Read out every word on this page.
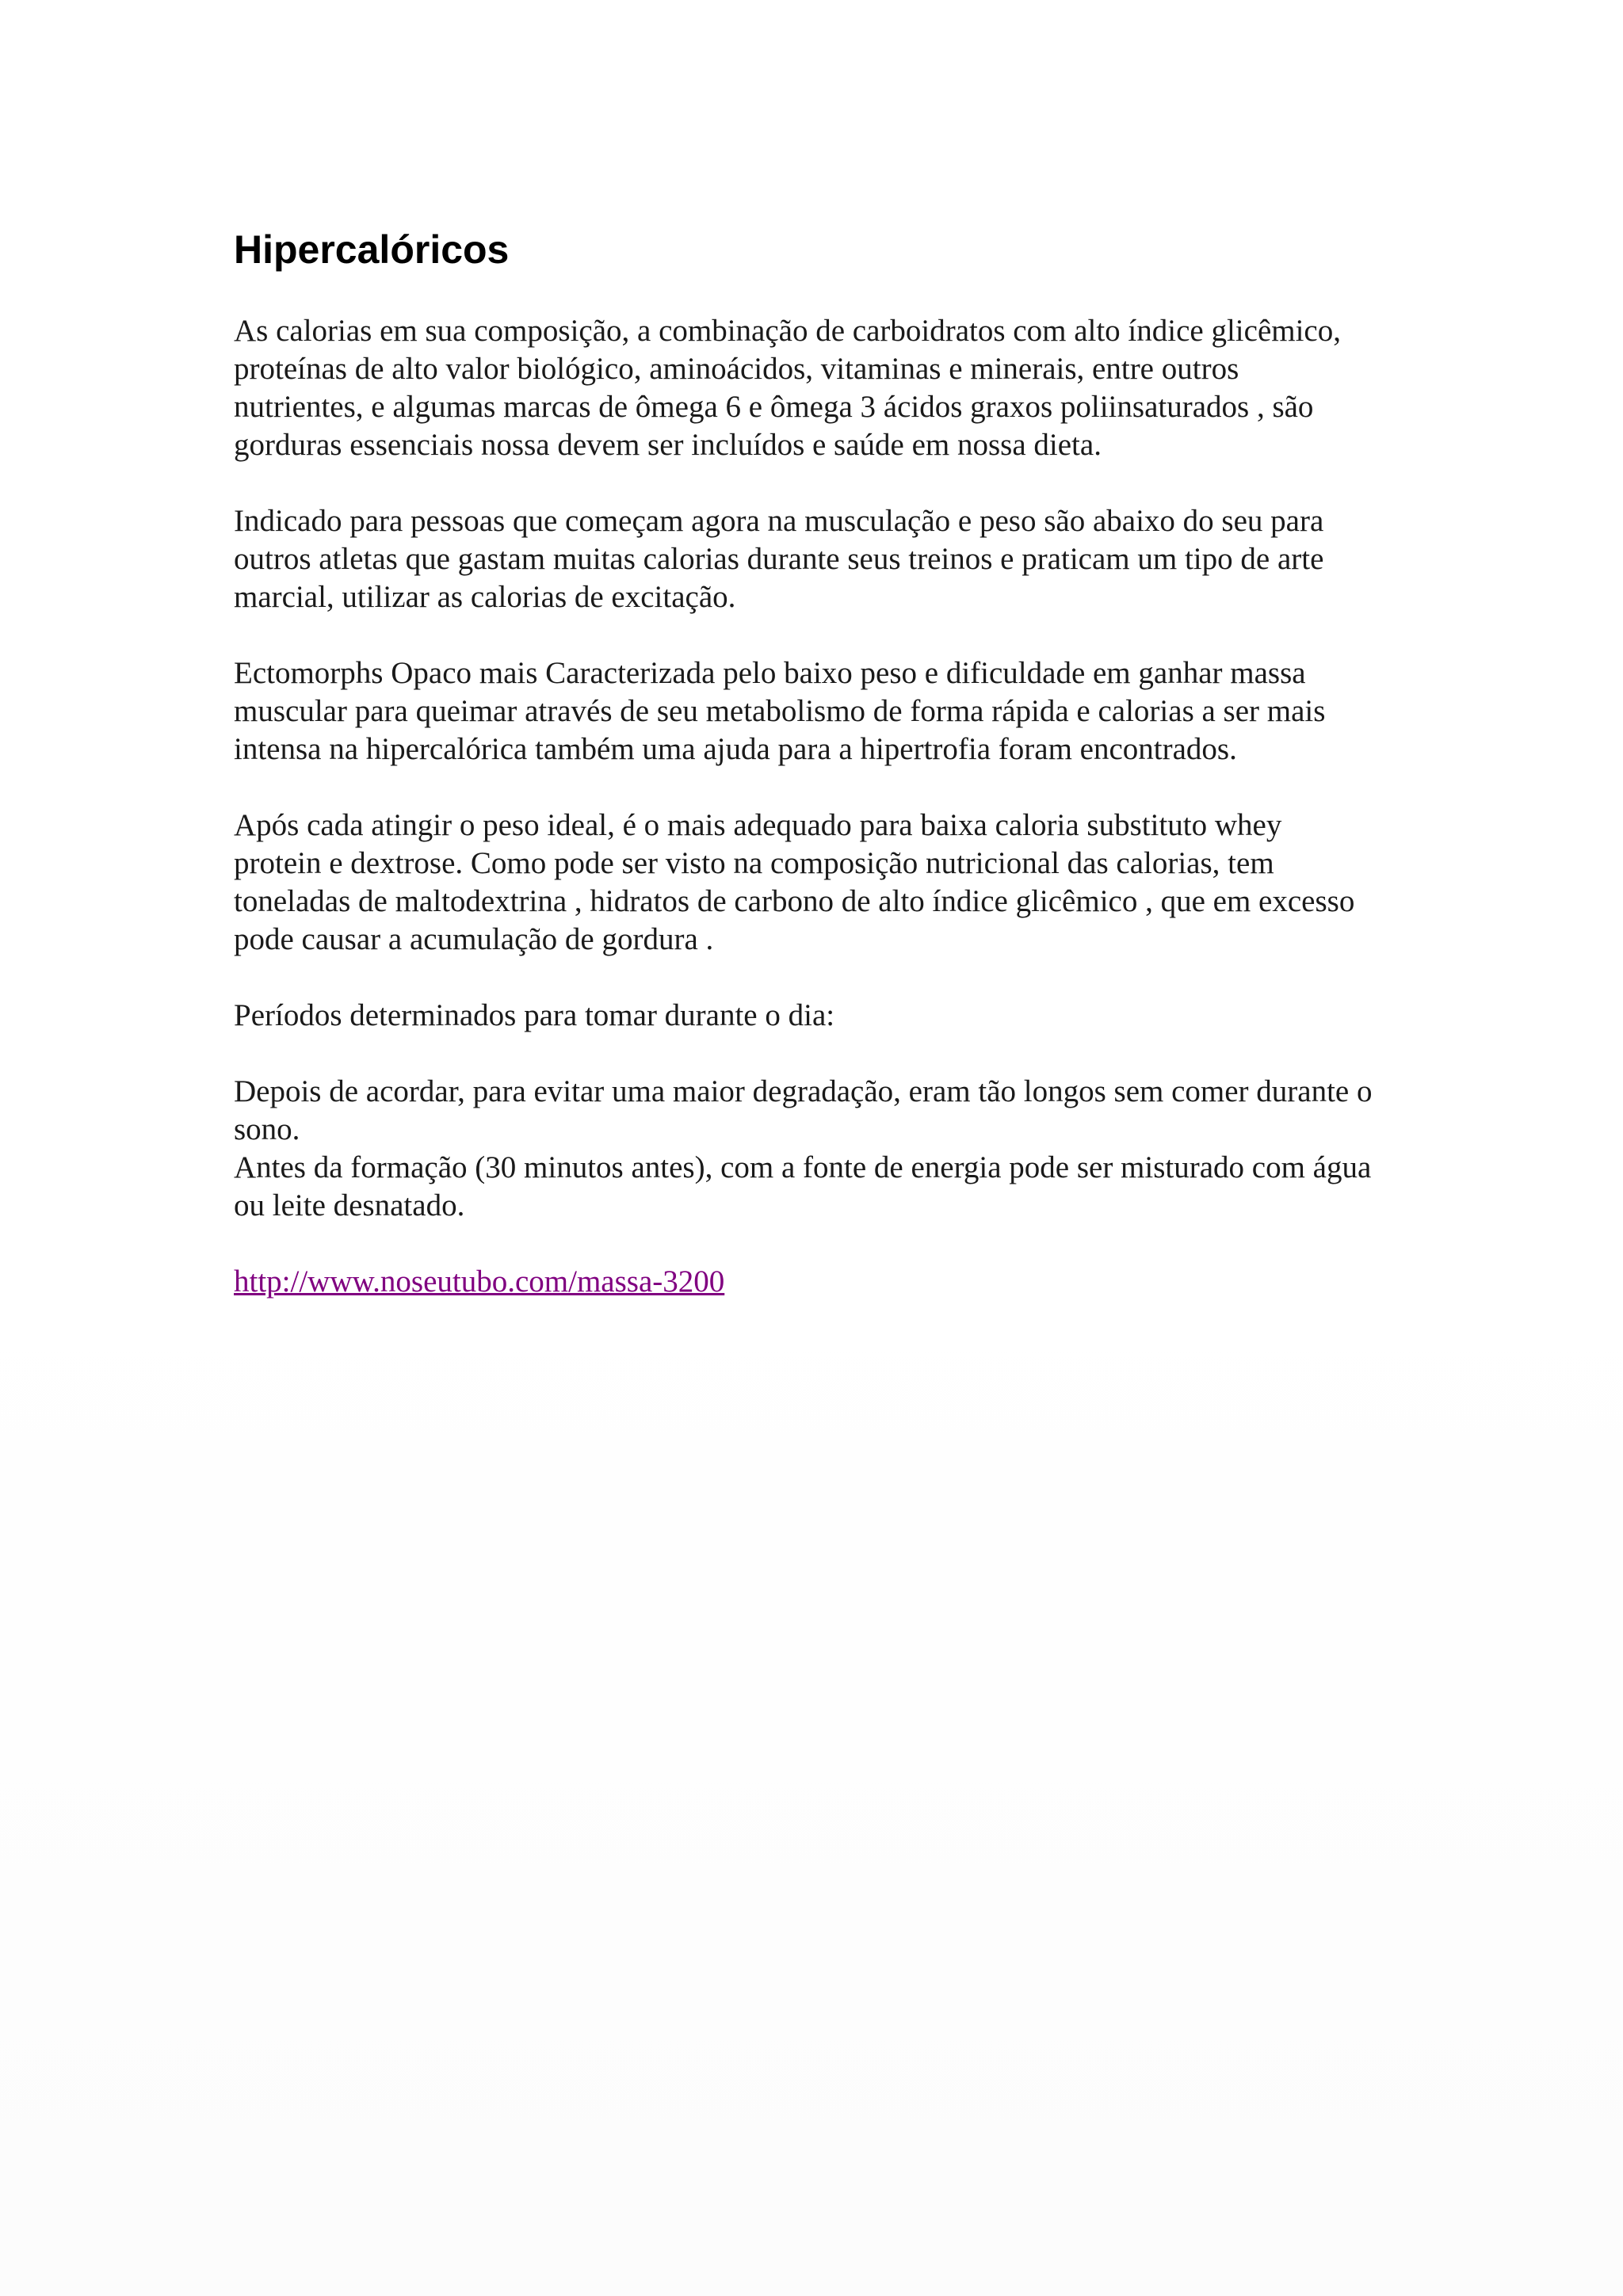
Hipercalóricos

As calorias em sua composição, a combinação de carboidratos com alto índice glicêmico, proteínas de alto valor biológico, aminoácidos, vitaminas e minerais, entre outros nutrientes, e algumas marcas de ômega 6 e ômega 3 ácidos graxos poliinsaturados , são gorduras essenciais nossa devem ser incluídos e saúde em nossa dieta.

Indicado para pessoas que começam agora na musculação e peso são abaixo do seu para outros atletas que gastam muitas calorias durante seus treinos e praticam um tipo de arte marcial, utilizar as calorias de excitação.

Ectomorphs Opaco mais Caracterizada pelo baixo peso e dificuldade em ganhar massa muscular para queimar através de seu metabolismo de forma rápida e calorias a ser mais intensa na hipercalórica também uma ajuda para a hipertrofia foram encontrados.

Após cada atingir o peso ideal, é o mais adequado para baixa caloria substituto whey protein e dextrose. Como pode ser visto na composição nutricional das calorias, tem toneladas de maltodextrina , hidratos de carbono de alto índice glicêmico , que em excesso pode causar a acumulação de gordura .

Períodos determinados para tomar durante o dia:

Depois de acordar, para evitar uma maior degradação, eram tão longos sem comer durante o sono.

Antes da formação (30 minutos antes), com a fonte de energia pode ser misturado com água ou leite desnatado.

http://www.noseutubo.com/massa-3200
